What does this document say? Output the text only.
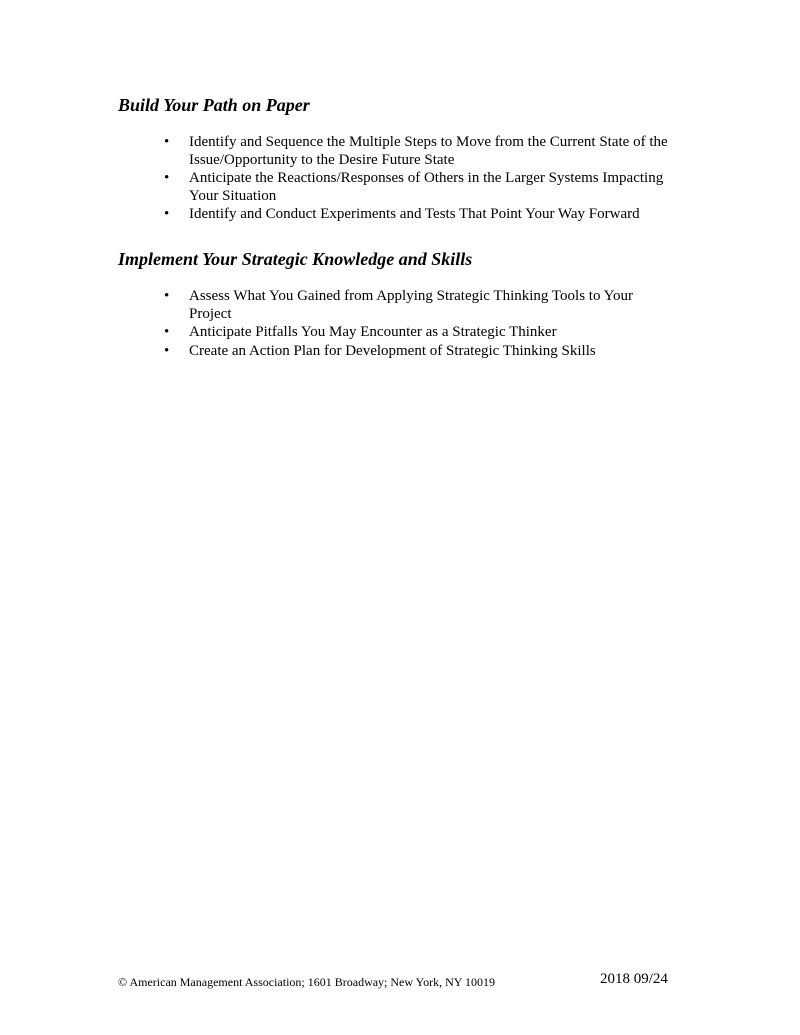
Build Your Path on Paper
• Identify and Sequence the Multiple Steps to Move from the Current State of the Issue/Opportunity to the Desire Future State
• Anticipate the Reactions/Responses of Others in the Larger Systems Impacting Your Situation
• Identify and Conduct Experiments and Tests That Point Your Way Forward
Implement Your Strategic Knowledge and Skills
• Assess What You Gained from Applying Strategic Thinking Tools to Your Project
• Anticipate Pitfalls You May Encounter as a Strategic Thinker
• Create an Action Plan for Development of Strategic Thinking Skills
© American Management Association; 1601 Broadway; New York, NY 10019	2018 09/24
